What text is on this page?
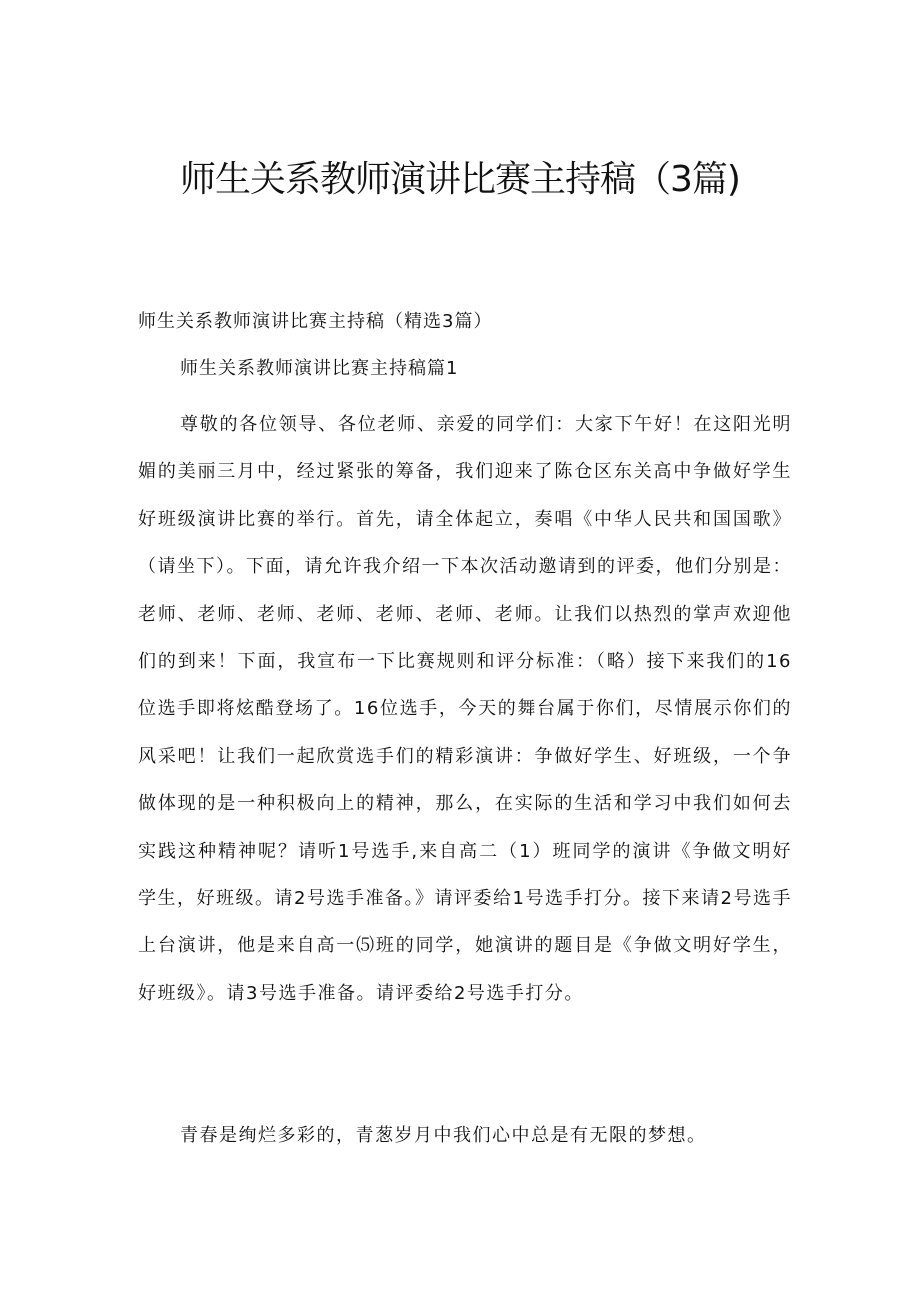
师生关系教师演讲比赛主持稿（3篇)

师生关系教师演讲比赛主持稿（精选3篇）

师生关系教师演讲比赛主持稿篇1

尊敬的各位领导、各位老师、亲爱的同学们：大家下午好！在这阳光明媚的美丽三月中，经过紧张的筹备，我们迎来了陈仓区东关高中争做好学生好班级演讲比赛的举行。首先，请全体起立，奏唱《中华人民共和国国歌》（请坐下）。下面，请允许我介绍一下本次活动邀请到的评委，他们分别是：老师、老师、老师、老师、老师、老师、老师。让我们以热烈的掌声欢迎他们的到来！下面，我宣布一下比赛规则和评分标准：（略）接下来我们的16位选手即将炫酷登场了。16位选手，今天的舞台属于你们，尽情展示你们的风采吧！让我们一起欣赏选手们的精彩演讲：争做好学生、好班级，一个争做体现的是一种积极向上的精神，那么，在实际的生活和学习中我们如何去实践这种精神呢？请听1号选手,来自高二（1）班同学的演讲《争做文明好学生，好班级。请2号选手准备。》请评委给1号选手打分。接下来请2号选手上台演讲，他是来自高一⑸班的同学，她演讲的题目是《争做文明好学生，好班级》。请3号选手准备。请评委给2号选手打分。

青春是绚烂多彩的，青葱岁月中我们心中总是有无限的梦想。
